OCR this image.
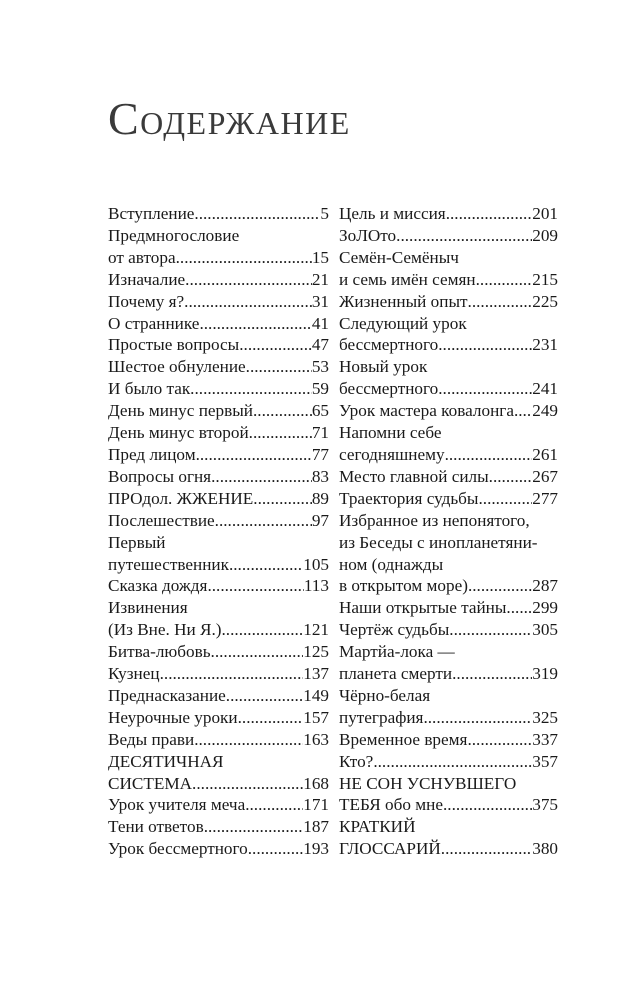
Содержание
Вступление .....	5
Предмногословие
от автора .....	15
Изначалие .....	21
Почему я? .....	31
О страннике .....	41
Простые вопросы .....	47
Шестое обнуление .....	53
И было так .....	59
День минус первый .....	65
День минус второй .....	71
Пред лицом .....	77
Вопросы огня .....	83
ПРОдол. ЖЖЕНИЕ .....	89
Послешествие .....	97
Первый
путешественник .....	105
Сказка дождя .....	113
Извинения
(Из Вне. Ни Я.) .....	121
Битва-любовь .....	125
Кузнец .....	137
Преднасказание .....	149
Неурочные уроки .....	157
Веды прави .....	163
ДЕСЯТИЧНАЯ
СИСТЕМА .....	168
Урок учителя меча .....	171
Тени ответов .....	187
Урок бессмертного .....	193
Цель и миссия .....	201
ЗоЛОто .....	209
Семён-Семёныч
и семь имён семян .....	215
Жизненный опыт .....	225
Следующий урок
бессмертного .....	231
Новый урок
бессмертного .....	241
Урок мастера ковалонга ..... 249
Напомни себе
сегодняшнему .....	261
Место главной силы .....	267
Траектория судьбы .....	277
Избранное из непонятого,
из Беседы с инопланетяни-
ном (однажды
в открытом море) .....	287
Наши открытые тайны ..... 299
Чертёж судьбы .....	305
Мартйа-лока —
планета смерти .....	319
Чёрно-белая
путеграфия .....	325
Временное время .....	337
Кто? .....	357
НЕ СОН УСНУВШЕГО
ТЕБЯ обо мне .....	375
КРАТКИЙ
ГЛОССАРИЙ .....	380
